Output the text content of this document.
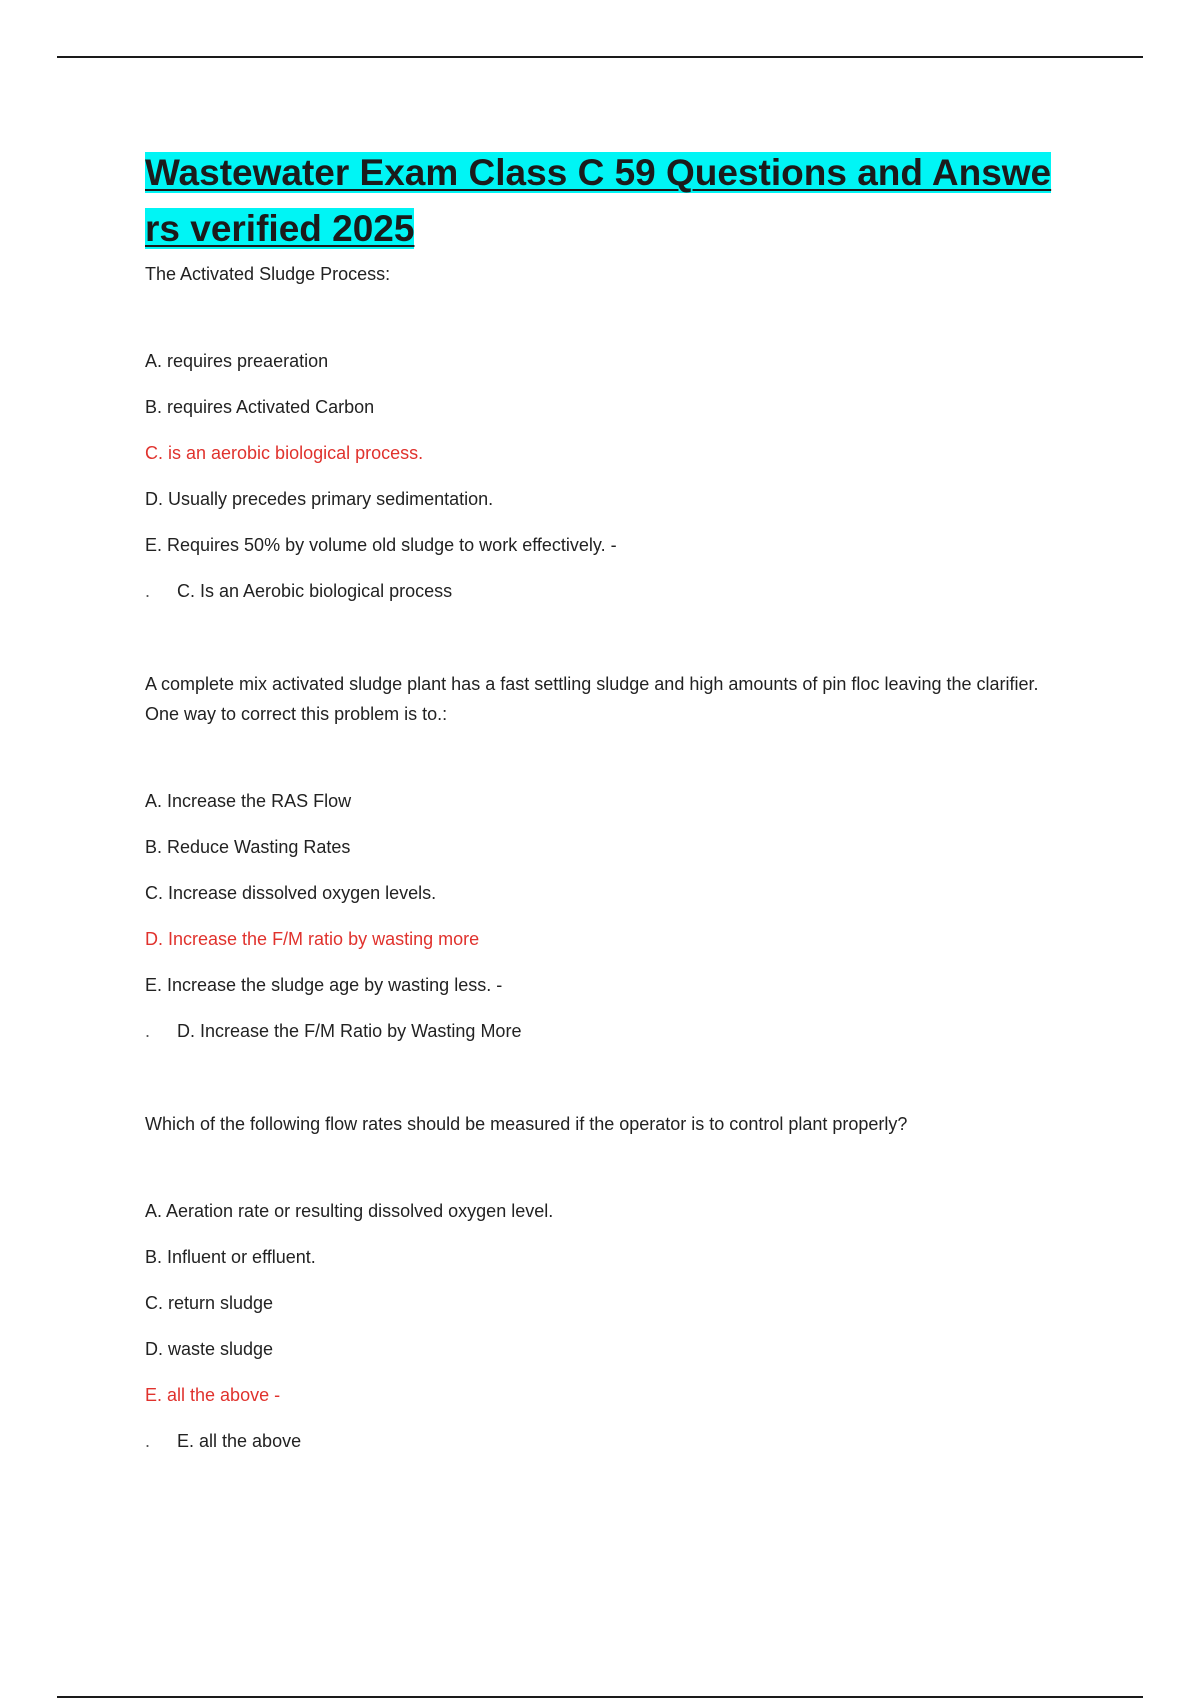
Wastewater Exam Class C 59 Questions and Answers verified 2025

The Activated Sludge Process:

A. requires preaeration

B. requires Activated Carbon

C. is an aerobic biological process.

D. Usually precedes primary sedimentation.

E. Requires 50% by volume old sludge to work effectively. -

. C. Is an Aerobic biological process

A complete mix activated sludge plant has a fast settling sludge and high amounts of pin floc leaving the clarifier. One way to correct this problem is to.:

A. Increase the RAS Flow

B. Reduce Wasting Rates

C. Increase dissolved oxygen levels.

D. Increase the F/M ratio by wasting more

E. Increase the sludge age by wasting less. -

. D. Increase the F/M Ratio by Wasting More

Which of the following flow rates should be measured if the operator is to control plant properly?

A. Aeration rate or resulting dissolved oxygen level.

B. Influent or effluent.

C. return sludge

D. waste sludge

E. all the above -

. E. all the above
